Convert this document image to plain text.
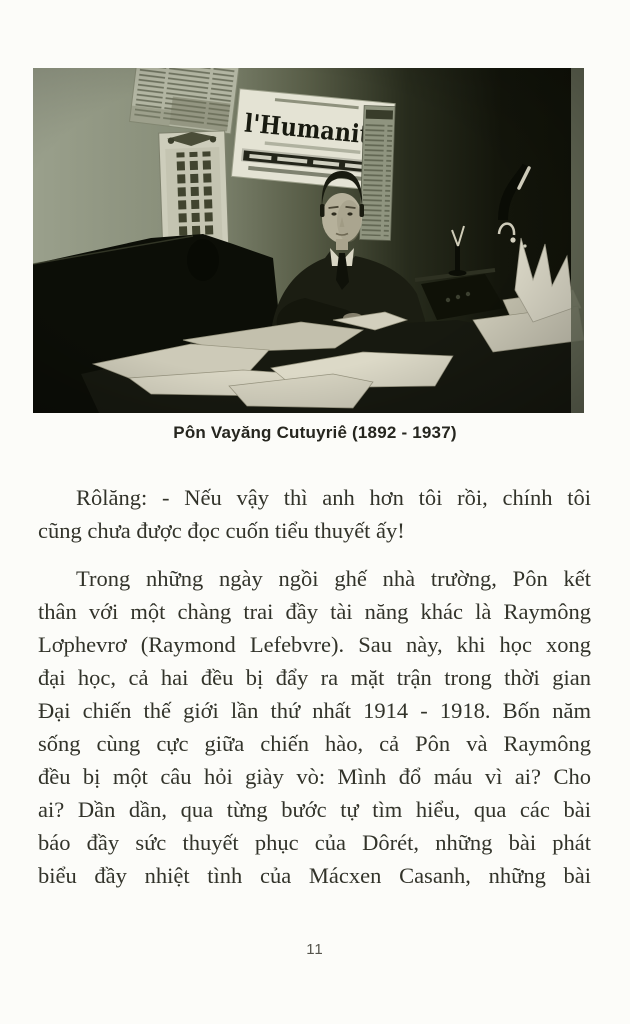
Pôn Vayăng Cutuyriê (1892 - 1937)
Rôlăng: - Nếu vậy thì anh hơn tôi rồi, chính tôi
cũng chưa được đọc cuốn tiểu thuyết ấy!
Trong những ngày ngồi ghế nhà trường, Pôn kết
thân với một chàng trai đầy tài năng khác là Raymông
Lơphevrơ (Raymond Lefebvre). Sau này, khi học xong
đại học, cả hai đều bị đẩy ra mặt trận trong thời gian
Đại chiến thế giới lần thứ nhất 1914 - 1918. Bốn năm
sống cùng cực giữa chiến hào, cả Pôn và Raymông
đều bị một câu hỏi giày vò: Mình đổ máu vì ai? Cho
ai? Dần dần, qua từng bước tự tìm hiểu, qua các bài
báo đầy sức thuyết phục của Dôrét, những bài phát
biểu đầy nhiệt tình của Mácxen Casanh, những bài
11
